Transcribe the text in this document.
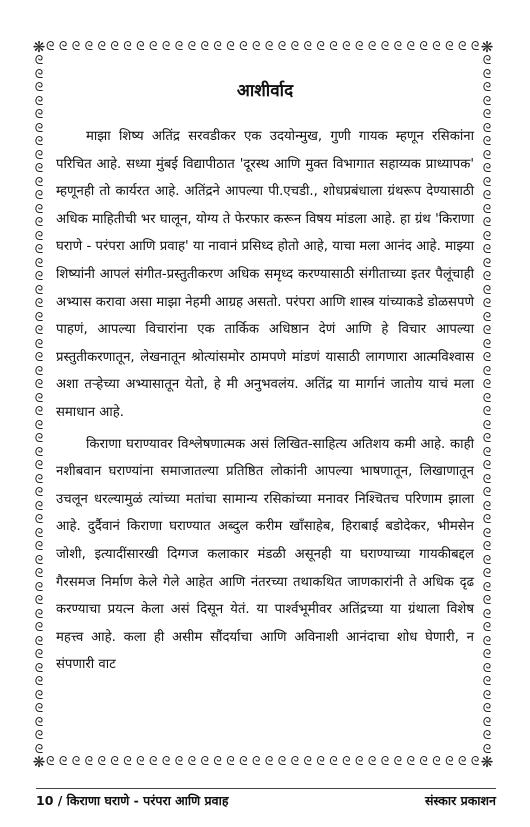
❋	❋
❋	❋
ᘓ ᘓ ᘓ ᘓ ᘓ ᘓ ᘓ ᘓ ᘓ ᘓ ᘓ ᘓ ᘓ ᘓ ᘓ ᘓ ᘓ ᘓ ᘓ ᘓ ᘓ ᘓ ᘓ ᘓ ᘓ ᘓ ᘓ ᘓ ᘓ ᘓ ᘓ ᘓ ᘓ ᘓ
ᘓ ᘓ ᘓ ᘓ ᘓ ᘓ ᘓ ᘓ ᘓ ᘓ ᘓ ᘓ ᘓ ᘓ ᘓ ᘓ ᘓ ᘓ ᘓ ᘓ ᘓ ᘓ ᘓ ᘓ ᘓ ᘓ ᘓ ᘓ ᘓ ᘓ ᘓ ᘓ ᘓ ᘓ
ᘓ
ᘓ
ᘓ
ᘓ
ᘓ
ᘓ
ᘓ
ᘓ
ᘓ
ᘓ
ᘓ
ᘓ
ᘓ
ᘓ
ᘓ
ᘓ
ᘓ
ᘓ
ᘓ
ᘓ
ᘓ
ᘓ
ᘓ
ᘓ
ᘓ
ᘓ
ᘓ
ᘓ
ᘓ
ᘓ
ᘓ
ᘓ
ᘓ
ᘓ
ᘓ
ᘓ
ᘓ
ᘓ
ᘓ
ᘓ
ᘓ
ᘓ
ᘓ
ᘓ
ᘓ
ᘓ
ᘓ
ᘓ
ᘓ
ᘓ
ᘓ
ᘓ
ᘓ
ᘓ
ᘓ
ᘓ
ᘓ
ᘓ
ᘓ
ᘓ
ᘓ
ᘓ
ᘓ
ᘓ
ᘓ
ᘓ
ᘓ
ᘓ
ᘓ
ᘓ
ᘓ
ᘓ
ᘓ
ᘓ
ᘓ
ᘓ
ᘓ
ᘓ
ᘓ
ᘓ
ᘓ
ᘓ
ᘓ
ᘓ
ᘓ
ᘓ
ᘓ
ᘓ
ᘓ
ᘓ
ᘓ
ᘓ
ᘓ
ᘓ
ᘓ
ᘓ
ᘓ
ᘓ
ᘓ
ᘓ
ᘓ
ᘓ
ᘓ
ᘓ
आशीर्वाद

माझा शिष्य अतिंद्र सरवडीकर एक उदयोन्मुख, गुणी गायक म्हणून रसिकांना परिचित आहे. सध्या मुंबई विद्यापीठात 'दूरस्थ आणि मुक्त विभागात सहाय्यक प्राध्यापक' म्हणूनही तो कार्यरत आहे. अतिंद्रने आपल्या पी.एचडी., शोधप्रबंधाला ग्रंथरूप देण्यासाठी अधिक माहितीची भर घालून, योग्य ते फेरफार करून विषय मांडला आहे. हा ग्रंथ 'किराणा घराणे - परंपरा आणि प्रवाह' या नावानं प्रसिध्द होतो आहे, याचा मला आनंद आहे. माझ्या शिष्यांनी आपलं संगीत-प्रस्तुतीकरण अधिक समृध्द करण्यासाठी संगीताच्या इतर पैलूंचाही अभ्यास करावा असा माझा नेहमी आग्रह असतो. परंपरा आणि शास्त्र यांच्याकडे डोळसपणे पाहणं, आपल्या विचारांना एक तार्किक अधिष्ठान देणं आणि हे विचार आपल्या प्रस्तुतीकरणातून, लेखनातून श्रोत्यांसमोर ठामपणे मांडणं यासाठी लागणारा आत्मविश्वास अशा तऱ्हेच्या अभ्यासातून येतो, हे मी अनुभवलंय. अतिंद्र या मार्गानं जातोय याचं मला समाधान आहे.

किराणा घराण्यावर विश्लेषणात्मक असं लिखित-साहित्य अतिशय कमी आहे. काही नशीबवान घराण्यांना समाजातल्या प्रतिष्ठित लोकांनी आपल्या भाषणातून, लिखाणातून उचलून धरल्यामुळं त्यांच्या मतांचा सामान्य रसिकांच्या मनावर निश्चितच परिणाम झाला आहे. दुर्दैवानं किराणा घराण्यात अब्दुल करीम खाँसाहेब, हिराबाई बडोदेकर, भीमसेन जोशी, इत्यादींसारखी दिग्गज कलाकार मंडळी असूनही या घराण्याच्या गायकीबद्दल गैरसमज निर्माण केले गेले आहेत आणि नंतरच्या तथाकथित जाणकारांनी ते अधिक दृढ करण्याचा प्रयत्न केला असं दिसून येतं. या पार्श्वभूमीवर अतिंद्रच्या या ग्रंथाला विशेष महत्त्व आहे. कला ही असीम सौंदर्याचा आणि अविनाशी आनंदाचा शोध घेणारी, न संपणारी वाट

10 / किराणा घराणे - परंपरा आणि प्रवाह	संस्कार प्रकाशन
